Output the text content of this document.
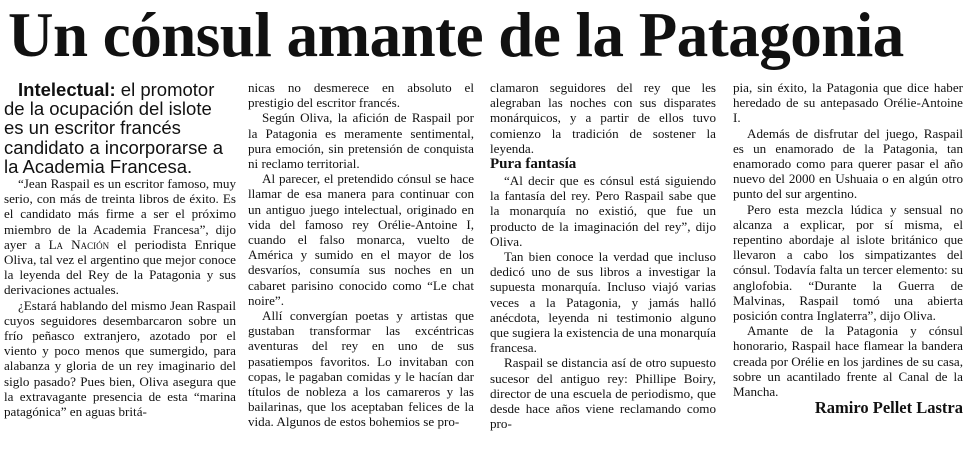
Un cónsul amante de la Patagonia

Intelectual: el promotor de la ocupación del islote es un escritor francés candidato a incorporarse a la Academia Francesa.

“Jean Raspail es un escritor famoso, muy serio, con más de treinta libros de éxito. Es el candidato más firme a ser el próximo miembro de la Academia Francesa”, dijo ayer a La Nación el periodista Enrique Oliva, tal vez el argentino que mejor conoce la leyenda del Rey de la Patagonia y sus derivaciones actuales.

¿Estará hablando del mismo Jean Raspail cuyos seguidores desembarcaron sobre un frío peñasco extranjero, azotado por el viento y poco menos que sumergido, para alabanza y gloria de un rey imaginario del siglo pasado? Pues bien, Oliva asegura que la extravagante presencia de esta “marina patagónica” en aguas britá-

nicas no desmerece en absoluto el prestigio del escritor francés.

Según Oliva, la afición de Raspail por la Patagonia es meramente sentimental, pura emoción, sin pretensión de conquista ni reclamo territorial.

Al parecer, el pretendido cónsul se hace llamar de esa manera para continuar con un antiguo juego intelectual, originado en vida del famoso rey Orélie-Antoine I, cuando el falso monarca, vuelto de América y sumido en el mayor de los desvaríos, consumía sus noches en un cabaret parisino conocido como “Le chat noire”.

Allí convergían poetas y artistas que gustaban transformar las excéntricas aventuras del rey en uno de sus pasatiempos favoritos. Lo invitaban con copas, le pagaban comidas y le hacían dar títulos de nobleza a los camareros y las bailarinas, que los aceptaban felices de la vida. Algunos de estos bohemios se pro-

clamaron seguidores del rey que les alegraban las noches con sus disparates monárquicos, y a partir de ellos tuvo comienzo la tradición de sostener la leyenda.

Pura fantasía

“Al decir que es cónsul está siguiendo la fantasía del rey. Pero Raspail sabe que la monarquía no existió, que fue un producto de la imaginación del rey”, dijo Oliva.

Tan bien conoce la verdad que incluso dedicó uno de sus libros a investigar la supuesta monarquía. Incluso viajó varias veces a la Patagonia, y jamás halló anécdota, leyenda ni testimonio alguno que sugiera la existencia de una monarquía francesa.

Raspail se distancia así de otro supuesto sucesor del antiguo rey: Phillipe Boiry, director de una escuela de periodismo, que desde hace años viene reclamando como pro-

pia, sin éxito, la Patagonia que dice haber heredado de su antepasado Orélie-Antoine I.

Además de disfrutar del juego, Raspail es un enamorado de la Patagonia, tan enamorado como para querer pasar el año nuevo del 2000 en Ushuaia o en algún otro punto del sur argentino.

Pero esta mezcla lúdica y sensual no alcanza a explicar, por sí misma, el repentino abordaje al islote británico que llevaron a cabo los simpatizantes del cónsul. Todavía falta un tercer elemento: su anglofobia. “Durante la Guerra de Malvinas, Raspail tomó una abierta posición contra Inglaterra”, dijo Oliva.

Amante de la Patagonia y cónsul honorario, Raspail hace flamear la bandera creada por Orélie en los jardines de su casa, sobre un acantilado frente al Canal de la Mancha.

Ramiro Pellet Lastra
